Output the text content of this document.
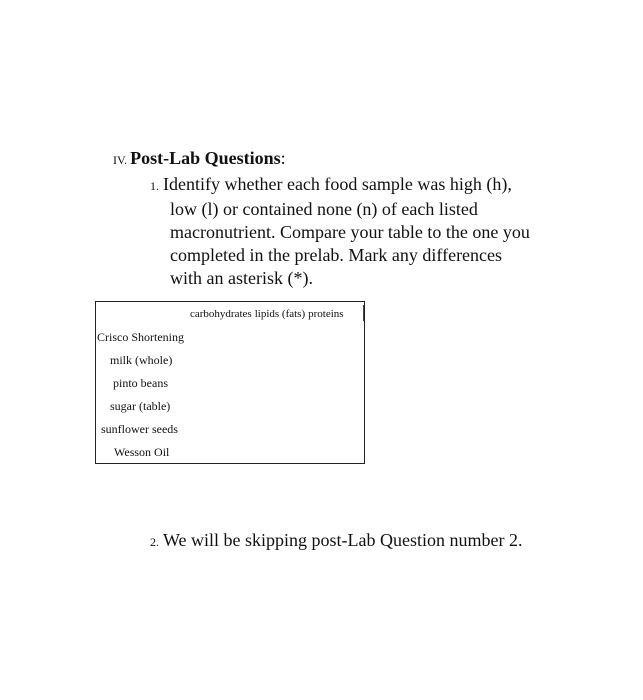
IV. Post-Lab Questions:
1. Identify whether each food sample was high (h),
low (l) or contained none (n) of each listed
macronutrient. Compare your table to the one you
completed in the prelab. Mark any differences
with an asterisk (*).
carbohydrates lipids (fats) proteins
Crisco Shortening
milk (whole)
pinto beans
sugar (table)
sunflower seeds
Wesson Oil
2. We will be skipping post-Lab Question number 2.
